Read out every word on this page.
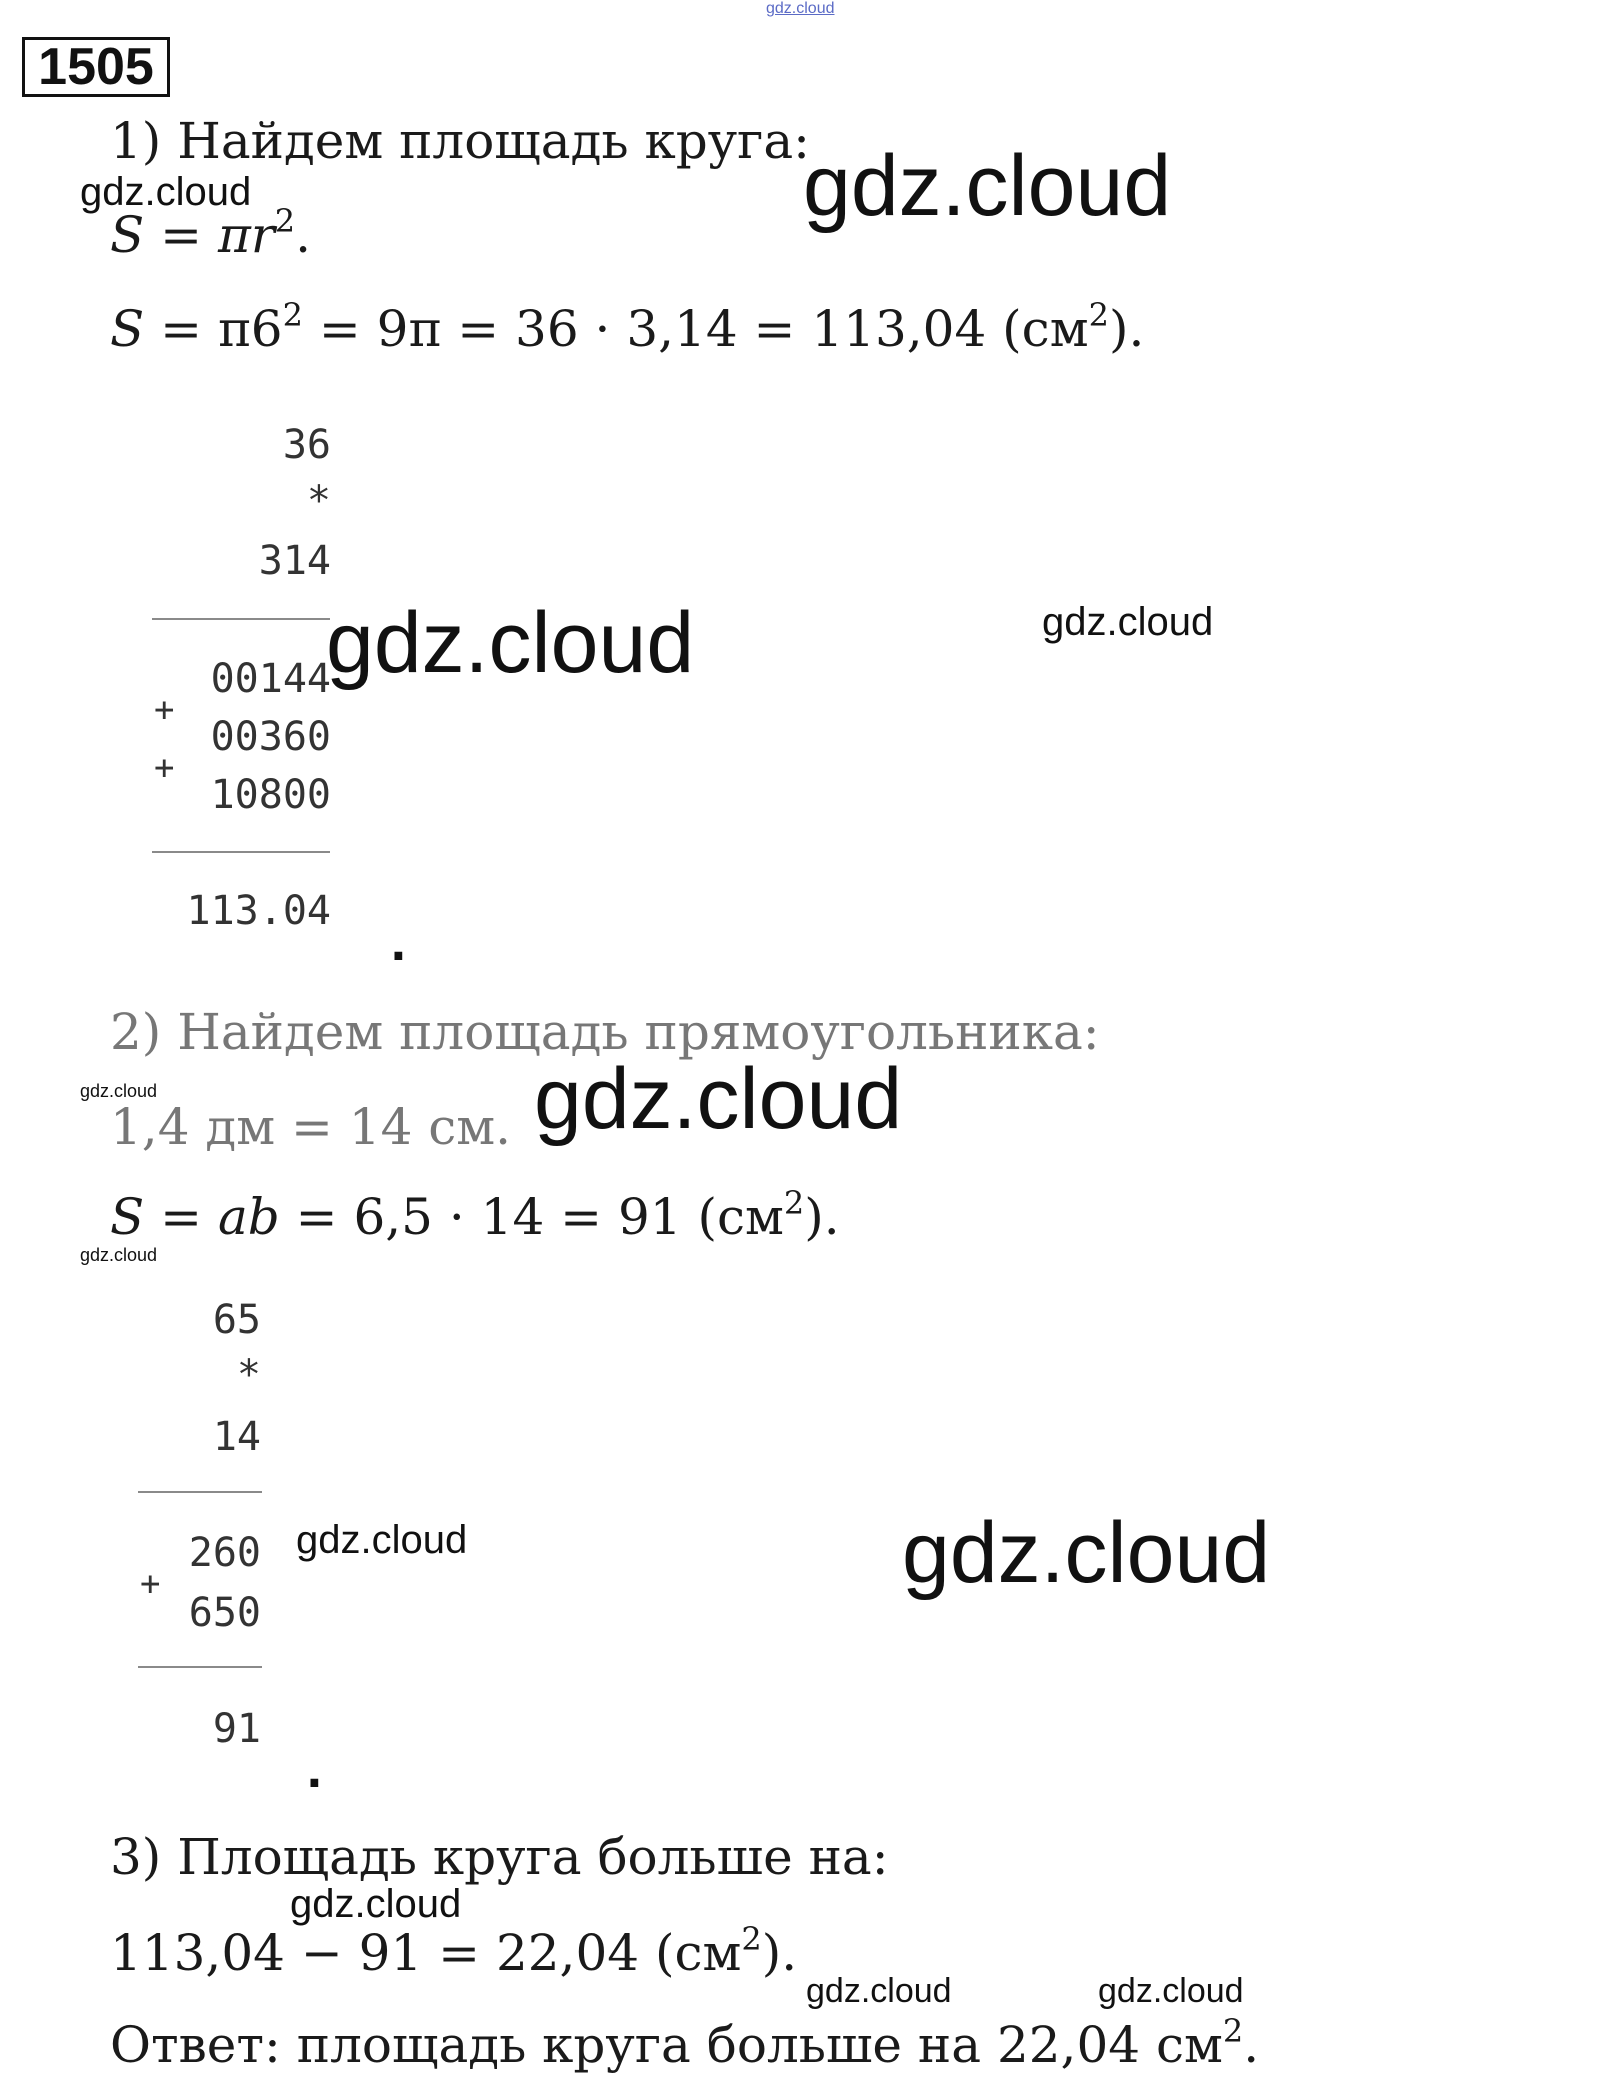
gdz.cloud
1505
1) Найдем площадь круга:
gdz.cloud	gdz.cloud
$S = \pi r^2$.
$S = \pi 6^2 = 9\pi = 36 \cdot 3,14 = 113,04$ $(см^2)$.
36
*
314
00144
+
00360
+
10800
113.04
.
gdz.cloud	gdz.cloud
2) Найдем площадь прямоугольника:
gdz.cloud
1,4 дм = 14 см. gdz.cloud
S = ab = 6,5 · 14 = 91 $(см^2)$.
gdz.cloud
65
*
14
260
+
650
91
.
gdz.cloud	gdz.cloud
3) Площадь круга больше на:
gdz.cloud
113,04 − 91 = 22,04 $(см^2)$.
gdz.cloud	gdz.cloud
Ответ: площадь круга больше на 22,04 $см^2$.
